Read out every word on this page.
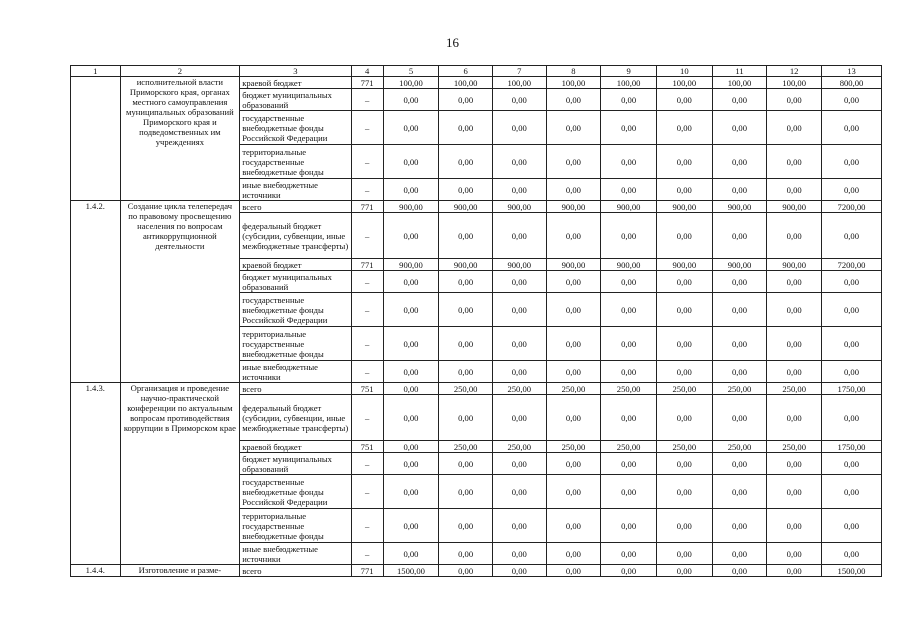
16
1	2	3	4	5	6	7	8	9	10	11	12	13
	исполнительной власти Приморского края, органах местного самоуправления муниципальных образований Приморского края и подведомственных им учреждениях	краевой бюджет	771	100,00	100,00	100,00	100,00	100,00	100,00	100,00	100,00	800,00
		бюджет муниципальных образований	–	0,00	0,00	0,00	0,00	0,00	0,00	0,00	0,00	0,00
		государственные внебюджетные фонды Российской Федерации	–	0,00	0,00	0,00	0,00	0,00	0,00	0,00	0,00	0,00
		территориальные государственные внебюджетные фонды	–	0,00	0,00	0,00	0,00	0,00	0,00	0,00	0,00	0,00
		иные внебюджетные источники	–	0,00	0,00	0,00	0,00	0,00	0,00	0,00	0,00	0,00
1.4.2.	Создание цикла телепередач по правовому просвещению населения по вопросам антикоррупционной деятельности	всего	771	900,00	900,00	900,00	900,00	900,00	900,00	900,00	900,00	7200,00
		федеральный бюджет (субсидии, субвенции, иные межбюджетные трансферты)	–	0,00	0,00	0,00	0,00	0,00	0,00	0,00	0,00	0,00
		краевой бюджет	771	900,00	900,00	900,00	900,00	900,00	900,00	900,00	900,00	7200,00
		бюджет муниципальных образований	–	0,00	0,00	0,00	0,00	0,00	0,00	0,00	0,00	0,00
		государственные внебюджетные фонды Российской Федерации	–	0,00	0,00	0,00	0,00	0,00	0,00	0,00	0,00	0,00
		территориальные государственные внебюджетные фонды	–	0,00	0,00	0,00	0,00	0,00	0,00	0,00	0,00	0,00
		иные внебюджетные источники	–	0,00	0,00	0,00	0,00	0,00	0,00	0,00	0,00	0,00
1.4.3.	Организация и проведение научно-практической конференции по актуальным вопросам противодействия коррупции в Приморском крае	всего	751	0,00	250,00	250,00	250,00	250,00	250,00	250,00	250,00	1750,00
		федеральный бюджет (субсидии, субвенции, иные межбюджетные трансферты)	–	0,00	0,00	0,00	0,00	0,00	0,00	0,00	0,00	0,00
		краевой бюджет	751	0,00	250,00	250,00	250,00	250,00	250,00	250,00	250,00	1750,00
		бюджет муниципальных образований	–	0,00	0,00	0,00	0,00	0,00	0,00	0,00	0,00	0,00
		государственные внебюджетные фонды Российской Федерации	–	0,00	0,00	0,00	0,00	0,00	0,00	0,00	0,00	0,00
		территориальные государственные внебюджетные фонды	–	0,00	0,00	0,00	0,00	0,00	0,00	0,00	0,00	0,00
		иные внебюджетные источники	–	0,00	0,00	0,00	0,00	0,00	0,00	0,00	0,00	0,00
1.4.4.	Изготовление и разме-	всего	771	1500,00	0,00	0,00	0,00	0,00	0,00	0,00	0,00	1500,00
